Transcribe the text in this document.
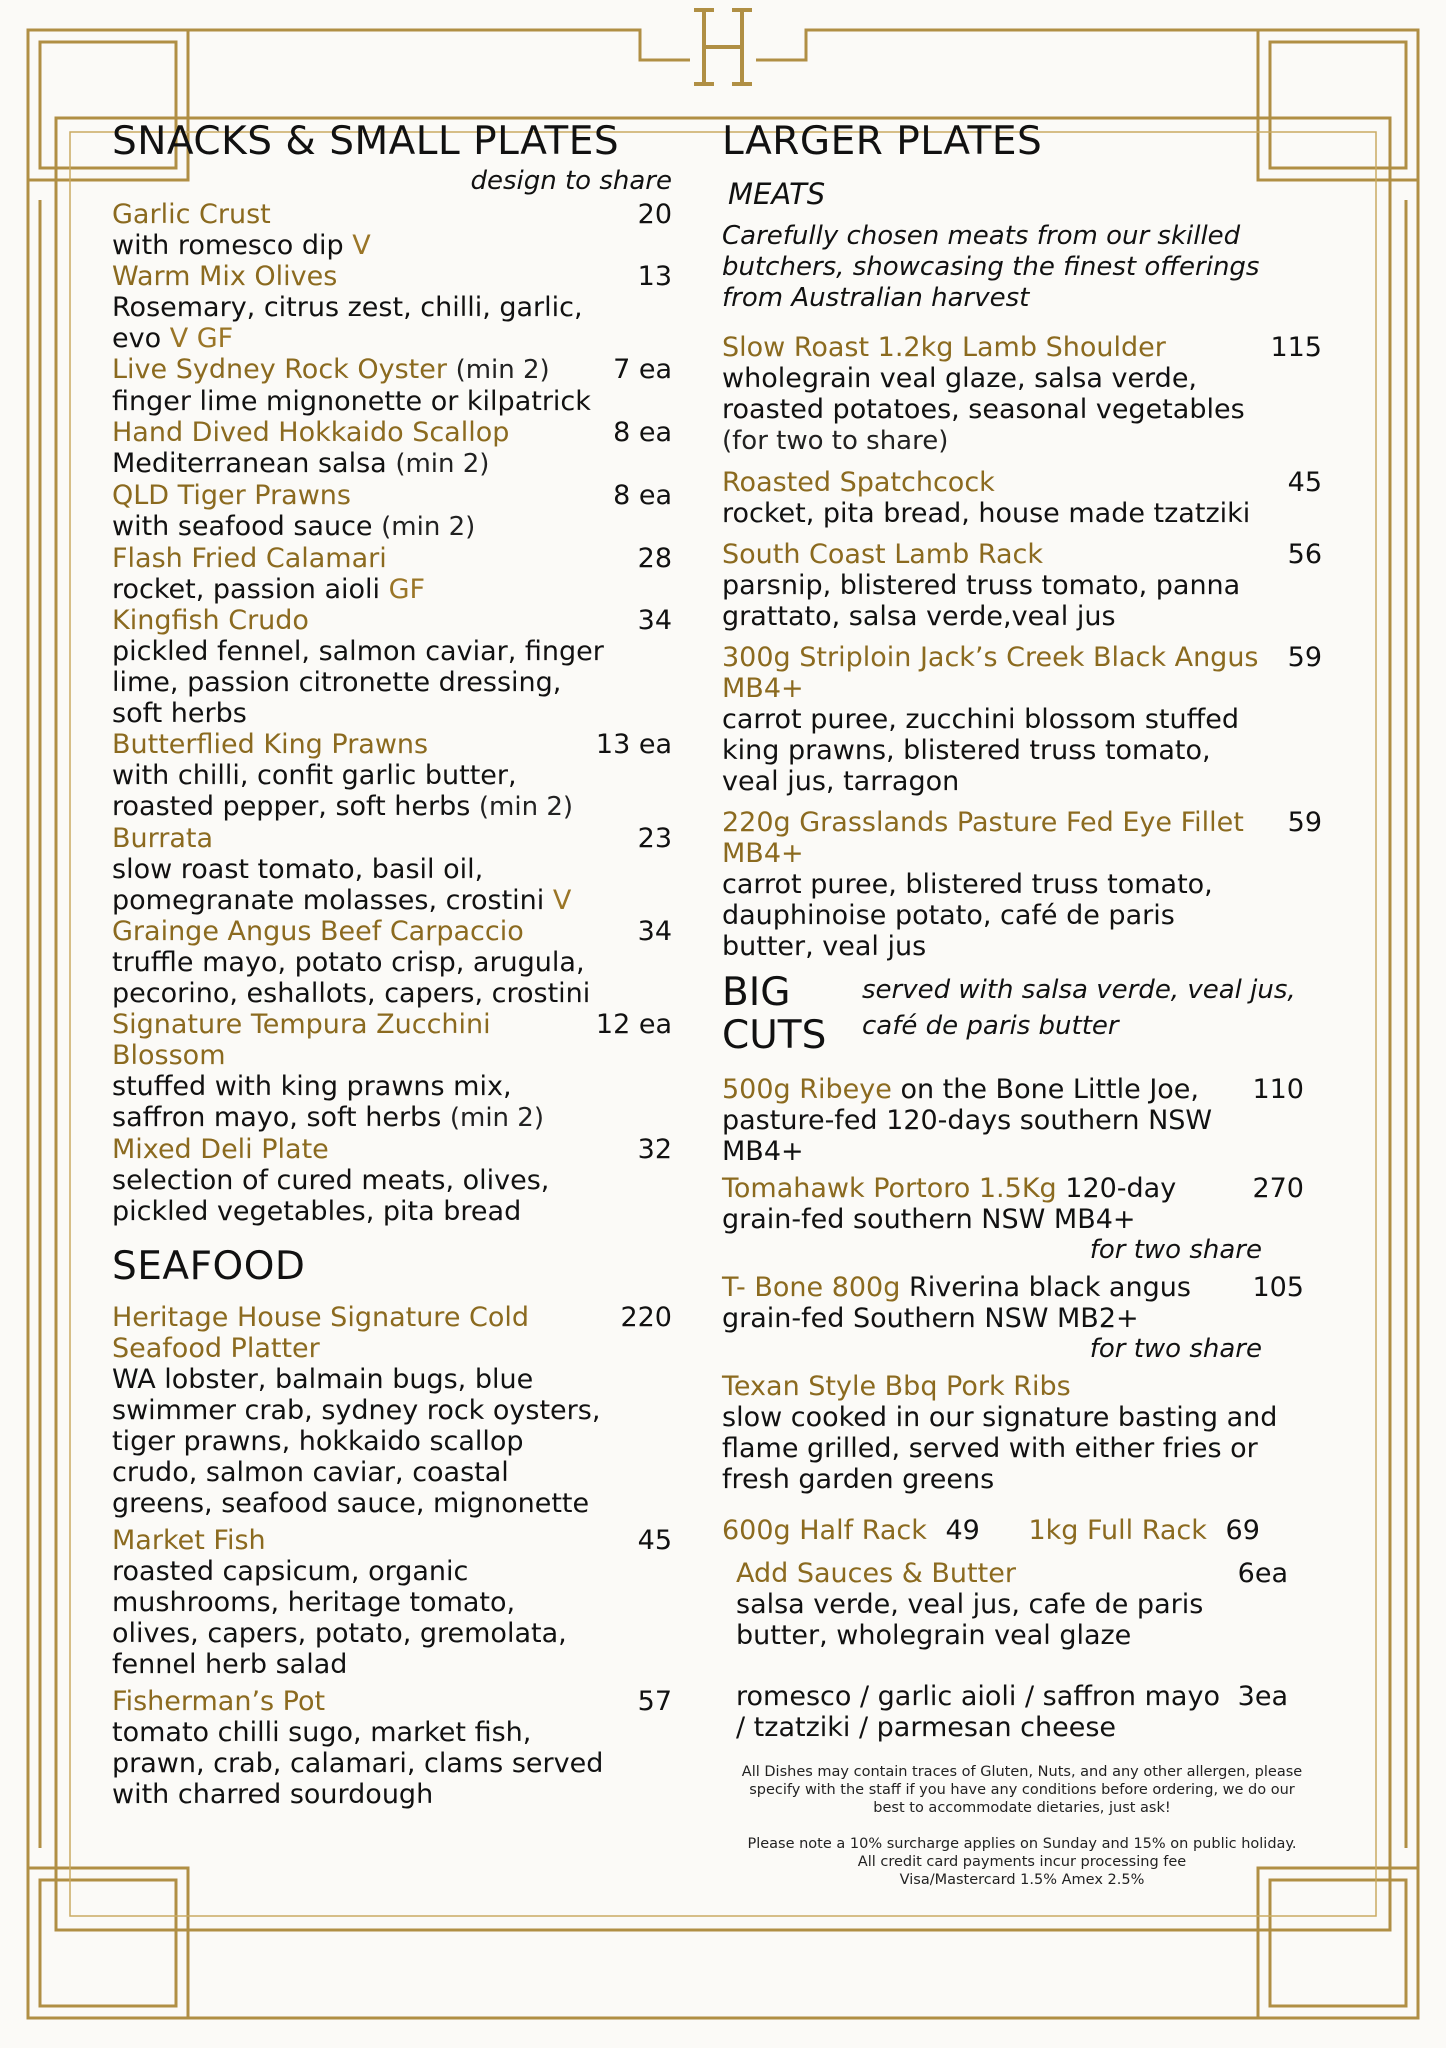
SNACKS & SMALL PLATES

design to share

Garlic Crust
with romesco dip V
20
Warm Mix Olives
Rosemary, citrus zest, chilli, garlic, evo V GF
13
Live Sydney Rock Oyster (min 2)
finger lime mignonette or kilpatrick
7 ea
Hand Dived Hokkaido Scallop
Mediterranean salsa (min 2)
8 ea
QLD Tiger Prawns
with seafood sauce (min 2)
8 ea
Flash Fried Calamari
rocket, passion aioli GF
28
Kingfish Crudo
pickled fennel, salmon caviar, finger lime, passion citronette dressing, soft herbs
34
Butterflied King Prawns
with chilli, confit garlic butter, roasted pepper, soft herbs (min 2)
13 ea
Burrata
slow roast tomato, basil oil, pomegranate molasses, crostini V
23
Grainge Angus Beef Carpaccio
truffle mayo, potato crisp, arugula, pecorino, eshallots, capers, crostini
34
Signature Tempura Zucchini Blossom
stuffed with king prawns mix, saffron mayo, soft herbs (min 2)
12 ea
Mixed Deli Plate
selection of cured meats, olives, pickled vegetables, pita bread
32
SEAFOOD
Heritage House Signature Cold Seafood Platter
WA lobster, balmain bugs, blue swimmer crab, sydney rock oysters, tiger prawns, hokkaido scallop crudo, salmon caviar, coastal greens, seafood sauce, mignonette
220
Market Fish
roasted capsicum, organic mushrooms, heritage tomato, olives, capers, potato, gremolata, fennel herb salad
45
Fisherman’s Pot
tomato chilli sugo, market fish, prawn, crab, calamari, clams served with charred sourdough
57
LARGER PLATES
MEATS
Carefully chosen meats from our skilled butchers, showcasing the finest offerings from Australian harvest
Slow Roast 1.2kg Lamb Shoulder
wholegrain veal glaze, salsa verde, roasted potatoes, seasonal vegetables (for two to share)
115
Roasted Spatchcock
rocket, pita bread, house made tzatziki
45
South Coast Lamb Rack
parsnip, blistered truss tomato, panna grattato, salsa verde,veal jus
56
300g Striploin Jack’s Creek Black Angus MB4+
carrot puree, zucchini blossom stuffed king prawns, blistered truss tomato, veal jus, tarragon
59
220g Grasslands Pasture Fed Eye Fillet MB4+
carrot puree, blistered truss tomato, dauphinoise potato, café de paris butter, veal jus
59
BIG CUTS
served with salsa verde, veal jus, café de paris butter
500g Ribeye on the Bone Little Joe, pasture-fed 120-days southern NSW MB4+
110
Tomahawk Portoro 1.5Kg 120-day grain-fed southern NSW MB4+
270
for two share
T- Bone 800g Riverina black angus grain-fed Southern NSW MB2+
105
for two share
Texan Style Bbq Pork Ribs
slow cooked in our signature basting and flame grilled, served with either fries or fresh garden greens
600g Half Rack 49 1kg Full Rack 69
Add Sauces & Butter
salsa verde, veal jus, cafe de paris butter, wholegrain veal glaze
6ea
romesco / garlic aioli / saffron mayo / tzatziki / parmesan cheese
3ea
All Dishes may contain traces of Gluten, Nuts, and any other allergen, please specify with the staff if you have any conditions before ordering, we do our best to accommodate dietaries, just ask!
Please note a 10% surcharge applies on Sunday and 15% on public holiday.
All credit card payments incur processing fee
Visa/Mastercard 1.5% Amex 2.5%
